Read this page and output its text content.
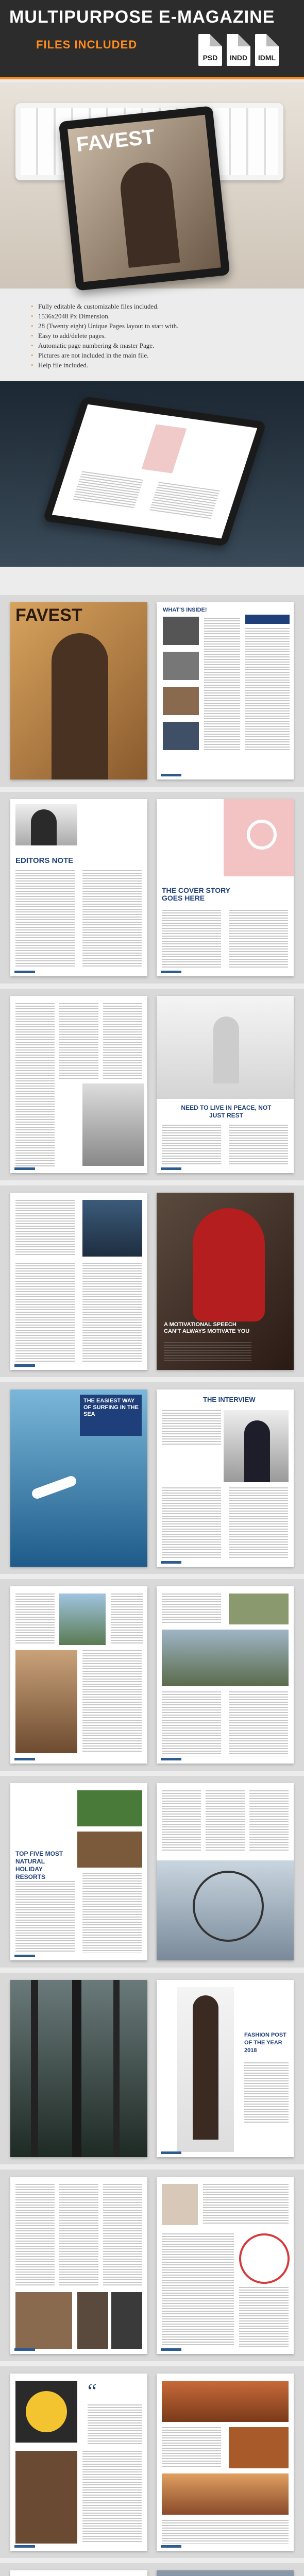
MULTIPURPOSE E-MAGAZINE
FILES INCLUDED
PSD	INDD	IDML
FAVEST
• Fully editable & customizable files included.
• 1536x2048 Px Dimension.
• 28 (Twenty eight) Unique Pages layout to start with.
• Easy to add/delete pages.
• Automatic page numbering & master Page.
• Pictures are not included in the main file.
• Help file included.
FAVEST	WHAT'S INSIDE!
EDITORS NOTE
THE COVER STORY GOES HERE
NEED TO LIVE IN PEACE, NOT JUST REST
A MOTIVATIONAL SPEECH CAN'T ALWAYS MOTIVATE YOU
THE EASIEST WAY OF SURFING IN THE SEA
THE INTERVIEW
TOP FIVE MOST NATURAL HOLIDAY RESORTS
FASHION POST OF THE YEAR 2018
“
